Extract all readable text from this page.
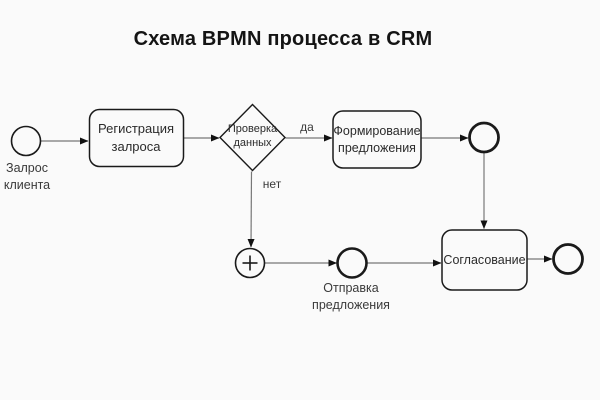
Схема BPMN процесса в CRM
Регистрация залроса
Проверка данных
Формирование предложения
Согласование
Залрос клиента
Отправка предложения
да
нет
